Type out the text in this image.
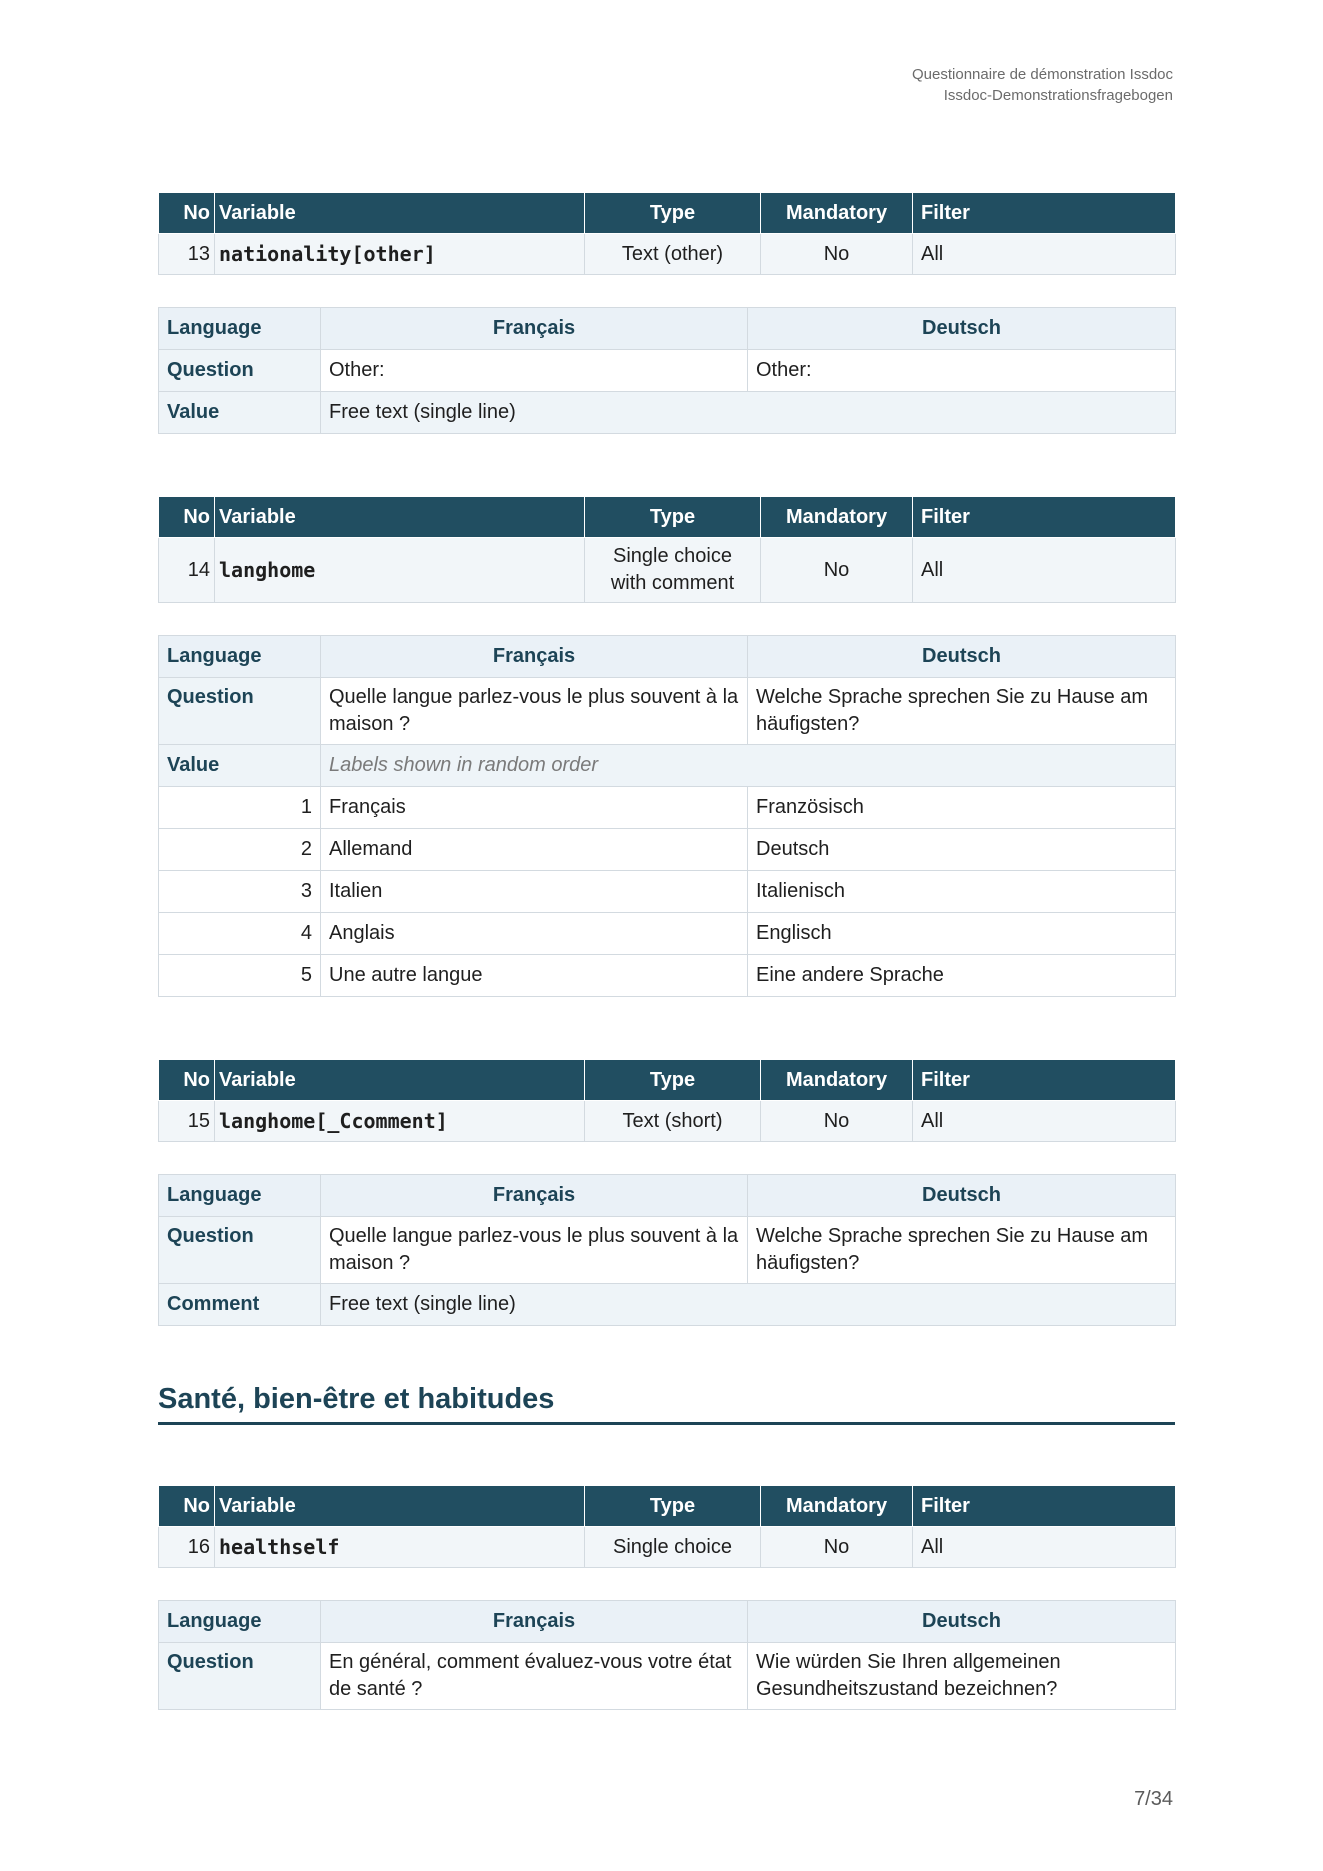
Questionnaire de démonstration Issdoc
Issdoc-Demonstrationsfragebogen
No	Variable	Type	Mandatory	Filter
13	nationality[other]	Text (other)	No	All
Language	Français	Deutsch
Question	Other:	Other:
Value	Free text (single line)	
No	Variable	Type	Mandatory	Filter
14	langhome	Single choice with comment	No	All
Language	Français	Deutsch
Question	Quelle langue parlez-vous le plus souvent à la maison ?	Welche Sprache sprechen Sie zu Hause am häufigsten?
Value	Labels shown in random order	
1	Français	Französisch
2	Allemand	Deutsch
3	Italien	Italienisch
4	Anglais	Englisch
5	Une autre langue	Eine andere Sprache
No	Variable	Type	Mandatory	Filter
15	langhome[_Ccomment]	Text (short)	No	All
Language	Français	Deutsch
Question	Quelle langue parlez-vous le plus souvent à la maison ?	Welche Sprache sprechen Sie zu Hause am häufigsten?
Comment	Free text (single line)	
Santé, bien-être et habitudes
No	Variable	Type	Mandatory	Filter
16	healthself	Single choice	No	All
Language	Français	Deutsch
Question	En général, comment évaluez-vous votre état de santé ?	Wie würden Sie Ihren allgemeinen Gesundheitszustand bezeichnen?
7/34
